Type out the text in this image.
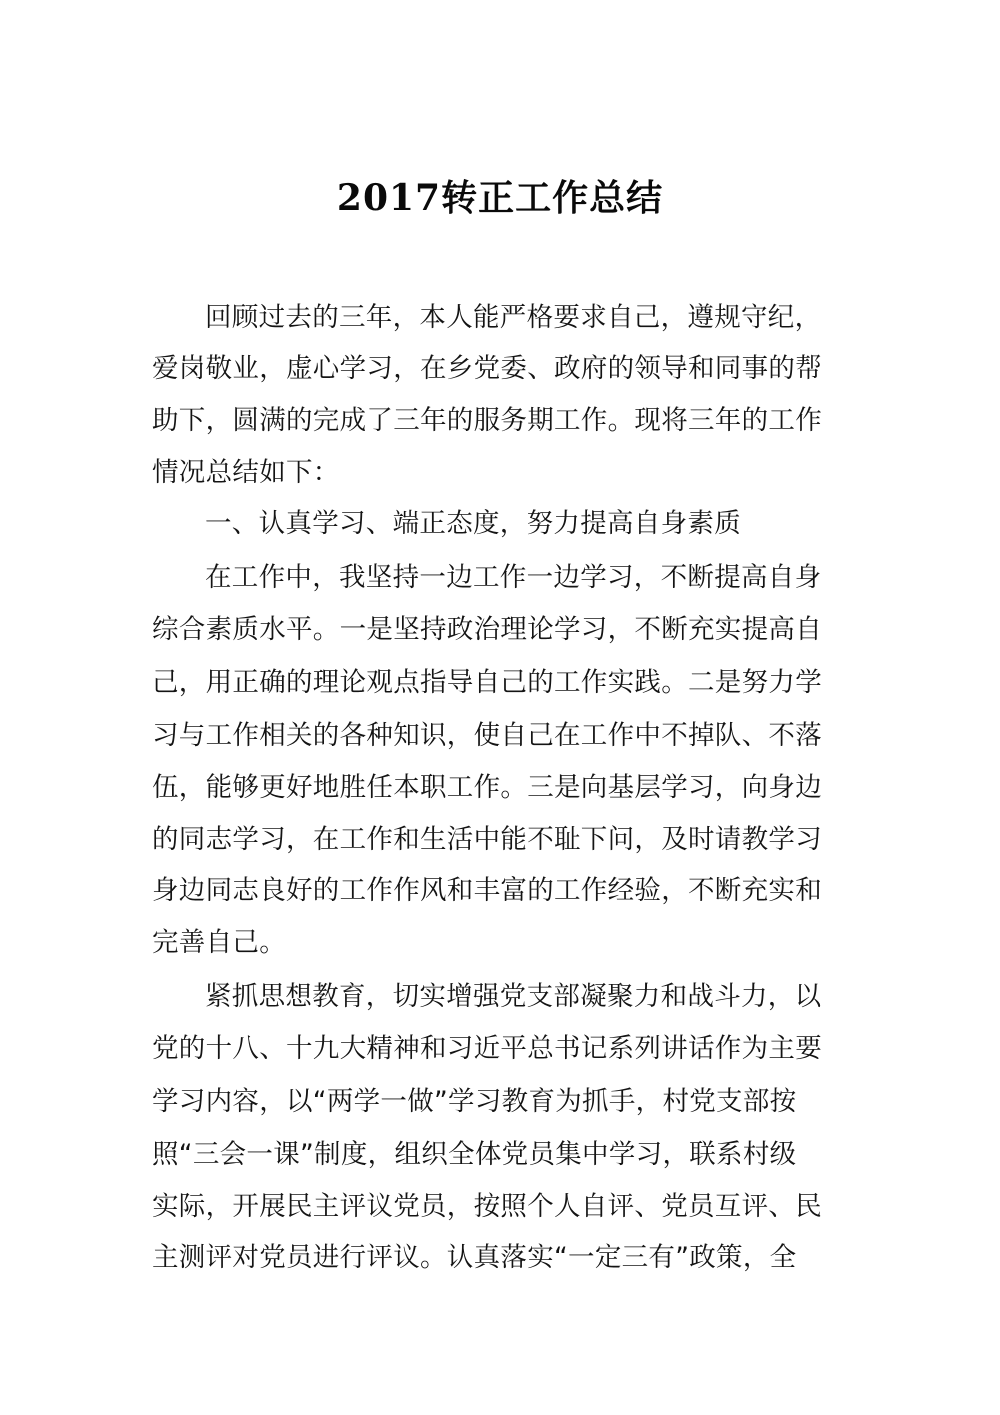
2017转正工作总结
回顾过去的三年，本人能严格要求自己，遵规守纪，
爱岗敬业，虚心学习，在乡党委、政府的领导和同事的帮
助下，圆满的完成了三年的服务期工作。现将三年的工作
情况总结如下：
一、认真学习、端正态度，努力提高自身素质
在工作中，我坚持一边工作一边学习，不断提高自身
综合素质水平。一是坚持政治理论学习，不断充实提高自
己，用正确的理论观点指导自己的工作实践。二是努力学
习与工作相关的各种知识，使自己在工作中不掉队、不落
伍，能够更好地胜任本职工作。三是向基层学习，向身边
的同志学习，在工作和生活中能不耻下问，及时请教学习
身边同志良好的工作作风和丰富的工作经验，不断充实和
完善自己。
紧抓思想教育，切实增强党支部凝聚力和战斗力，以
党的十八、十九大精神和习近平总书记系列讲话作为主要
学习内容，以“两学一做”学习教育为抓手，村党支部按
照“三会一课”制度，组织全体党员集中学习，联系村级
实际，开展民主评议党员，按照个人自评、党员互评、民
主测评对党员进行评议。认真落实“一定三有”政策，全
